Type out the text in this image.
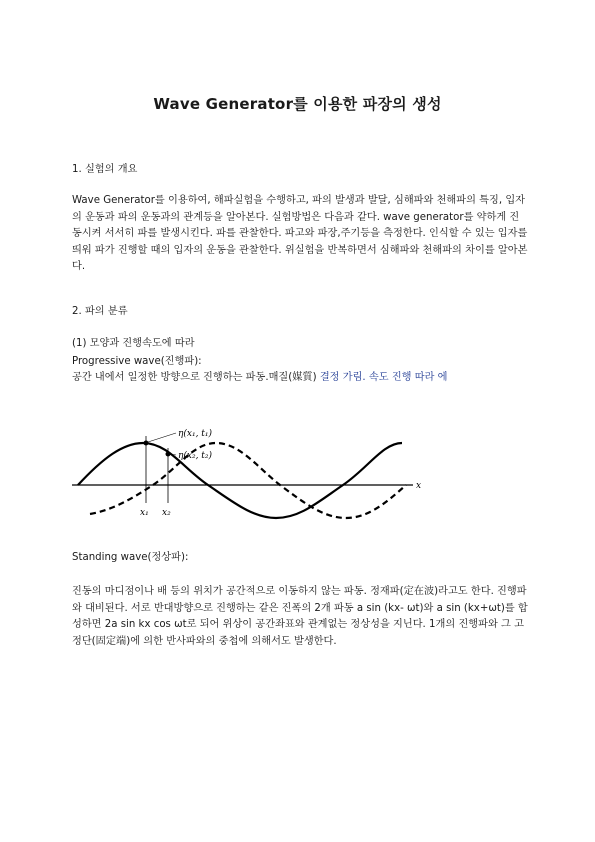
Wave Generator를 이용한 파장의 생성
1. 실험의 개요
Wave Generator를 이용하여, 해파실험을 수행하고, 파의 발생과 발달, 심해파와 천해파의 특징, 입자의 운동과 파의 운동과의 관계등을 알아본다. 실험방법은 다음과 같다. wave generator를 약하게 진동시켜 서서히 파를 발생시킨다. 파를 관찰한다. 파고와 파장,주기등을 측정한다. 인식할 수 있는 입자를 띄워 파가 진행할 때의 입자의 운동을 관찰한다. 위실험을 반복하면서 심해파와 천해파의 차이를 알아본다.
2. 파의 분류
(1) 모양과 진행속도에 따라
Progressive wave(진행파):
공간 내에서 일정한 방향으로 진행하는 파동.매질(媒質) 결정 가림. 속도 진행 따라 에
η(x₁, t₁)
η(x₂, t₂)
x
x₁ x₂
Standing wave(정상파):
진동의 마디점이나 배 등의 위치가 공간적으로 이동하지 않는 파동. 정재파(定在波)라고도 한다. 진행파와 대비된다. 서로 반대방향으로 진행하는 같은 진폭의 2개 파동 a sin (kx- ωt)와 a sin (kx+ωt)를 합성하면 2a sin kx cos ωt로 되어 위상이 공간좌표와 관계없는 정상성을 지닌다. 1개의 진행파와 그 고정단(固定端)에 의한 반사파와의 중첩에 의해서도 발생한다.
